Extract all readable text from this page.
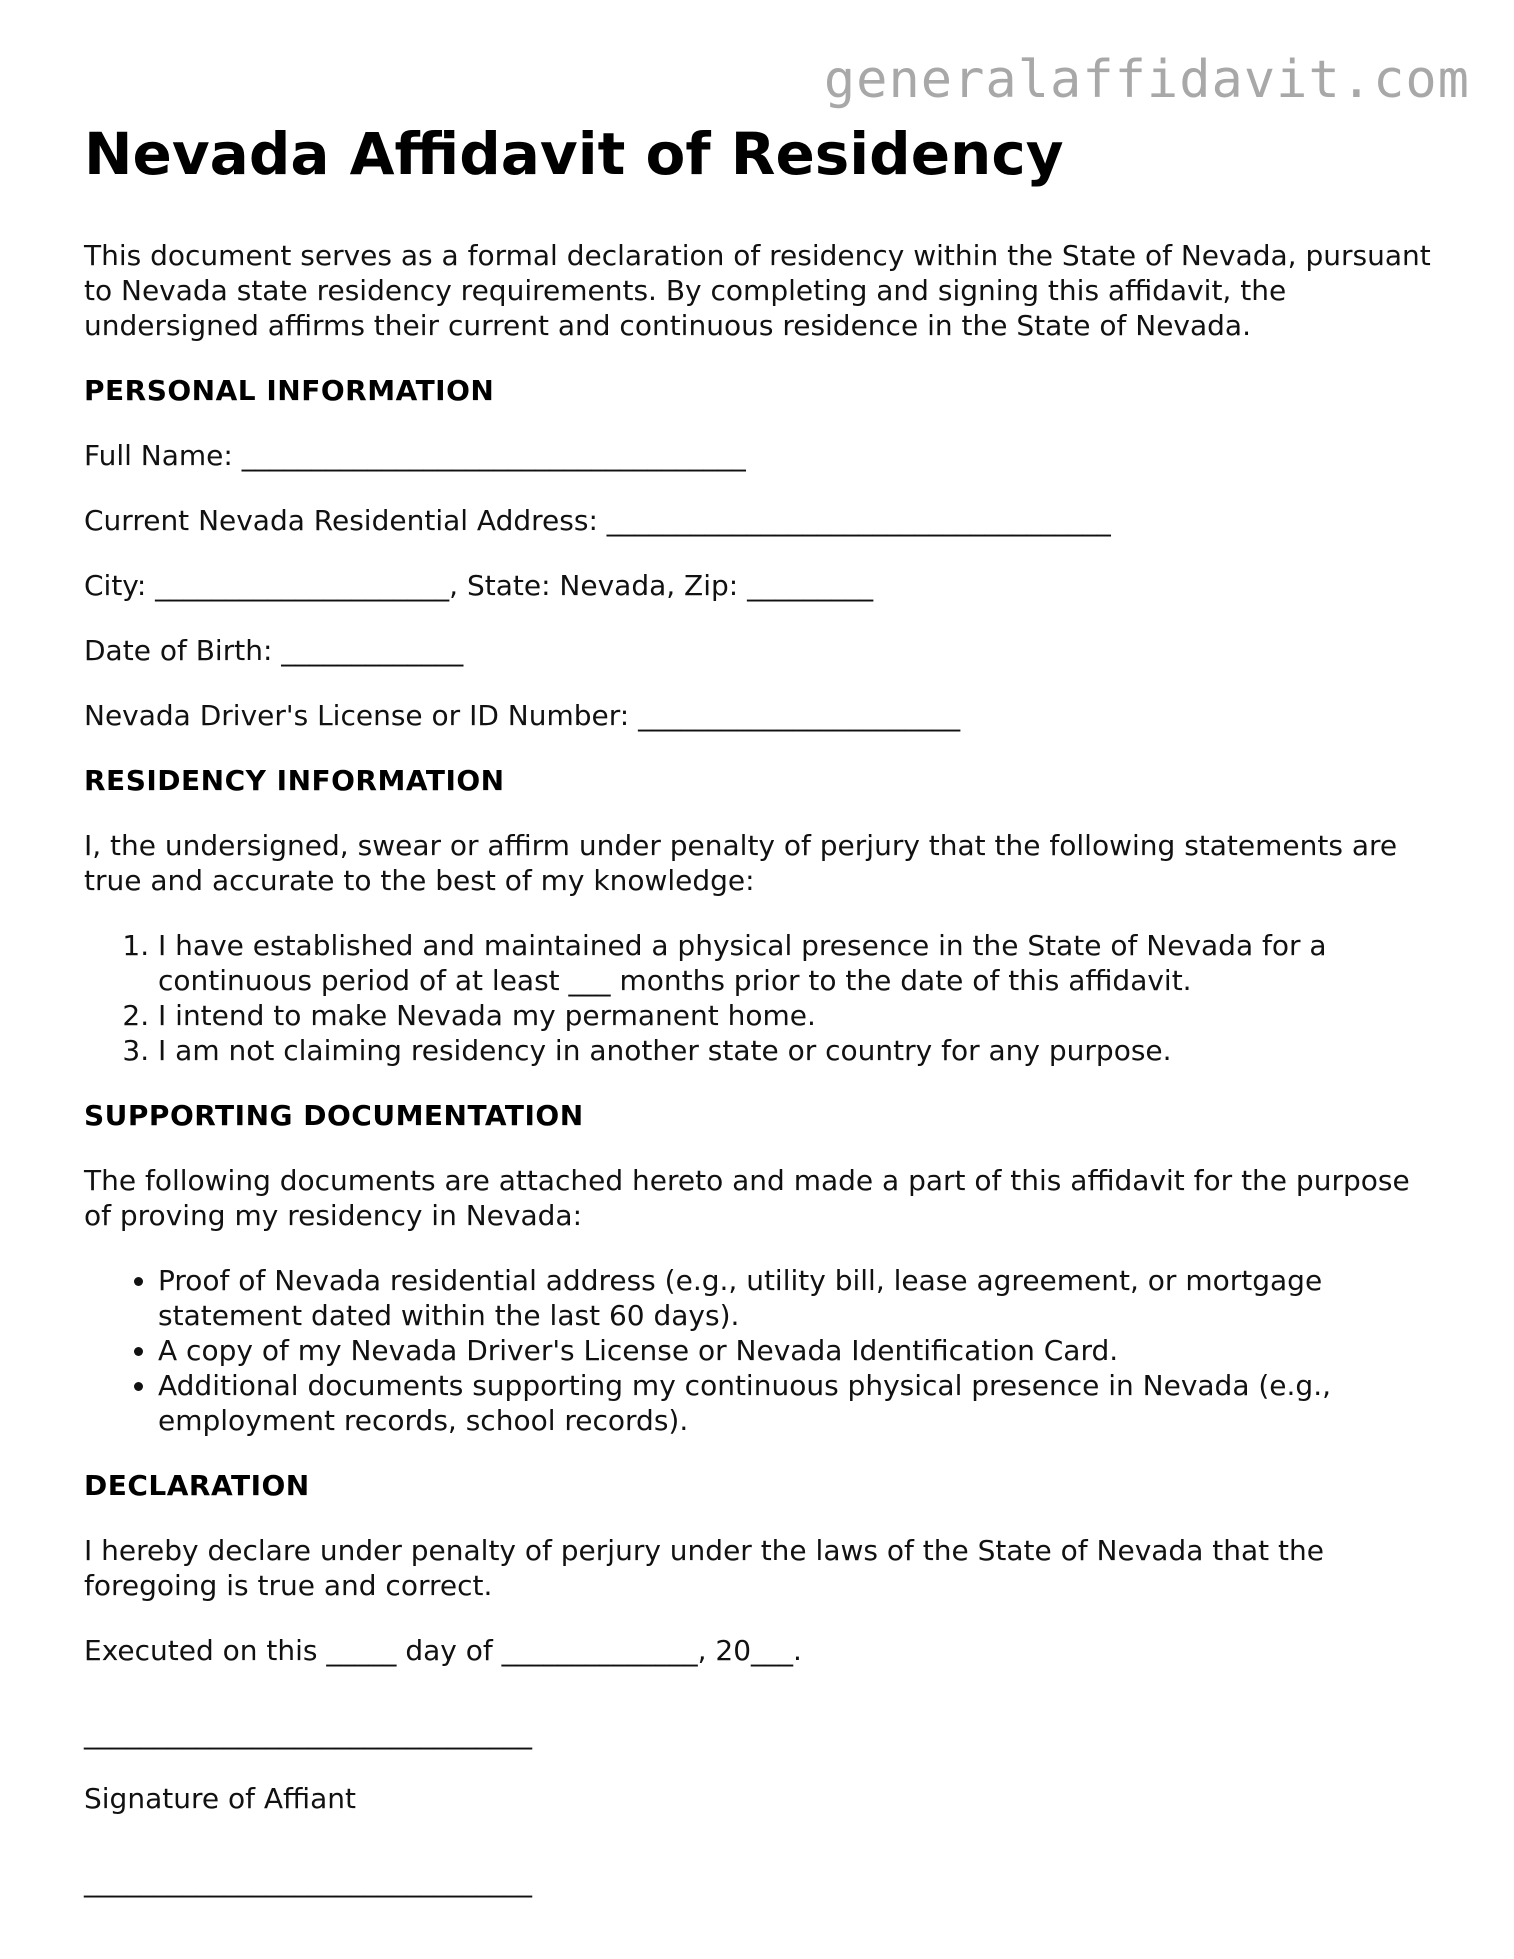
generalaffidavit.com
Nevada Affidavit of Residency

This document serves as a formal declaration of residency within the State of Nevada, pursuant to Nevada state residency requirements. By completing and signing this affidavit, the undersigned affirms their current and continuous residence in the State of Nevada.

PERSONAL INFORMATION

Full Name: ____________________________________

Current Nevada Residential Address: ____________________________________

City: _____________________, State: Nevada, Zip: _________

Date of Birth: _____________

Nevada Driver's License or ID Number: _______________________

RESIDENCY INFORMATION

I, the undersigned, swear or affirm under penalty of perjury that the following statements are true and accurate to the best of my knowledge:

1. I have established and maintained a physical presence in the State of Nevada for a continuous period of at least ___ months prior to the date of this affidavit.
2. I intend to make Nevada my permanent home.
3. I am not claiming residency in another state or country for any purpose.
SUPPORTING DOCUMENTATION

The following documents are attached hereto and made a part of this affidavit for the purpose of proving my residency in Nevada:

• Proof of Nevada residential address (e.g., utility bill, lease agreement, or mortgage statement dated within the last 60 days).
• A copy of my Nevada Driver's License or Nevada Identification Card.
• Additional documents supporting my continuous physical presence in Nevada (e.g., employment records, school records).
DECLARATION

I hereby declare under penalty of perjury under the laws of the State of Nevada that the foregoing is true and correct.

Executed on this _____ day of ______________, 20___.

________________________________

Signature of Affiant

________________________________
